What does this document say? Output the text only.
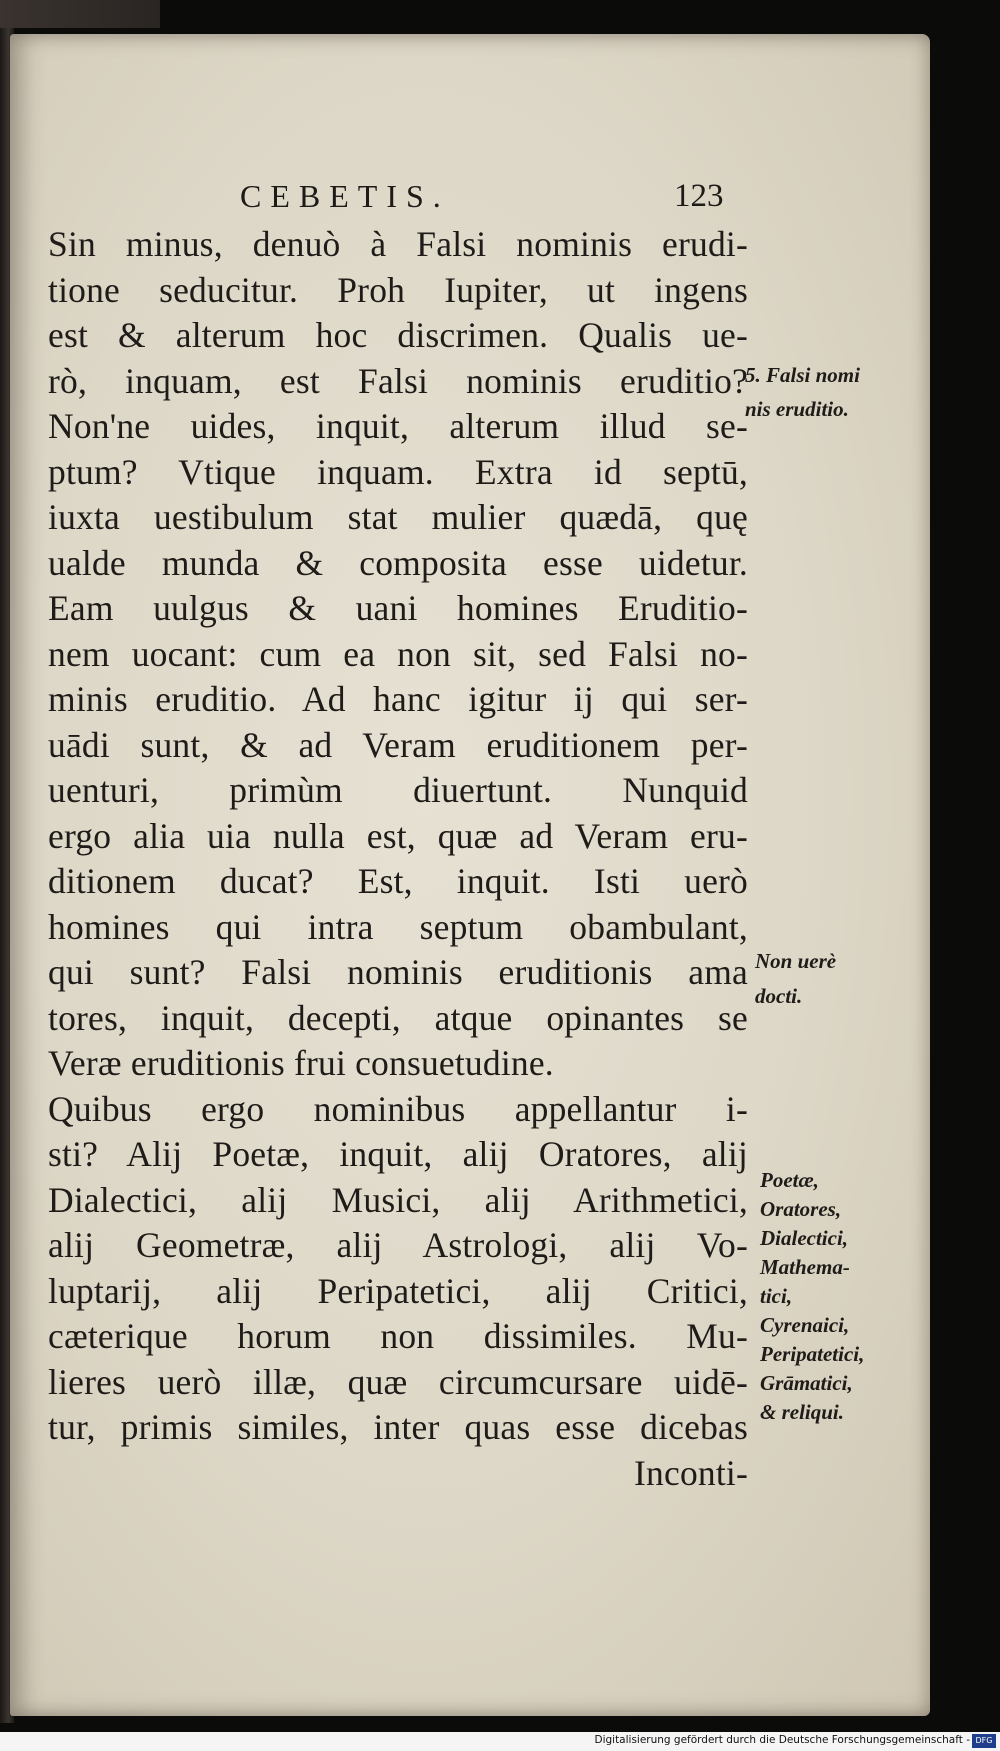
CEBETIS.	123
Sin minus, denuò à Falsi nominis erudi-
tione seducitur. Proh Iupiter, ut ingens
est & alterum hoc discrimen. Qualis ue-
rò, inquam, est Falsi nominis eruditio?
Non'ne uides, inquit, alterum illud se-
ptum? Vtique inquam. Extra id septū,
iuxta uestibulum stat mulier quædā, quę
ualde munda & composita esse uidetur.
Eam uulgus & uani homines Eruditio-
nem uocant: cum ea non sit, sed Falsi no-
minis eruditio. Ad hanc igitur ij qui ser-
uādi sunt, & ad Veram eruditionem per-
uenturi, primùm diuertunt. Nunquid
ergo alia uia nulla est, quæ ad Veram eru-
ditionem ducat? Est, inquit. Isti uerò
homines qui intra septum obambulant,
qui sunt? Falsi nominis eruditionis ama
tores, inquit, decepti, atque opinantes se
Veræ eruditionis frui consuetudine.
Quibus ergo nominibus appellantur i-
sti? Alij Poetæ, inquit, alij Oratores, alij
Dialectici, alij Musici, alij Arithmetici,
alij Geometræ, alij Astrologi, alij Vo-
luptarij, alij Peripatetici, alij Critici,
cæterique horum non dissimiles. Mu-
lieres uerò illæ, quæ circumcursare uidē-
tur, primis similes, inter quas esse dicebas
Inconti-
5. Falsi nomi
nis eruditio.
Non uerè
docti.
Poetæ,
Oratores,
Dialectici,
Mathema-
tici,
Cyrenaici,
Peripatetici,
Grāmatici,
& reliqui.
Digitalisierung gefördert durch die Deutsche Forschungsgemeinschaft - DFG
